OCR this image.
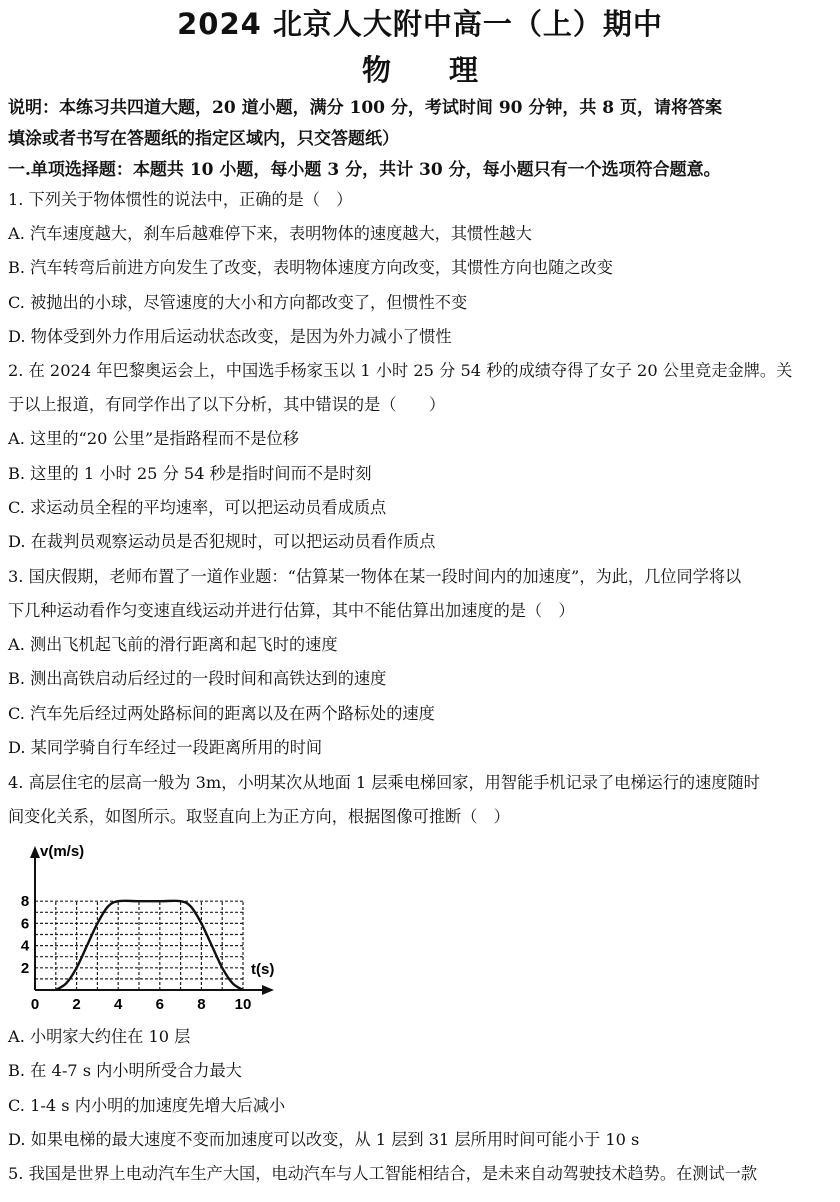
2024 北京人大附中高一（上）期中
物理
说明：本练习共四道大题，20 道小题，满分 100 分，考试时间 90 分钟，共 8 页，请将答案
填涂或者书写在答题纸的指定区域内，只交答题纸）
一.单项选择题：本题共 10 小题，每小题 3 分，共计 30 分，每小题只有一个选项符合题意。
1. 下列关于物体惯性的说法中，正确的是（　）
A. 汽车速度越大，刹车后越难停下来，表明物体的速度越大，其惯性越大
B. 汽车转弯后前进方向发生了改变，表明物体速度方向改变，其惯性方向也随之改变
C. 被抛出的小球，尽管速度的大小和方向都改变了，但惯性不变
D. 物体受到外力作用后运动状态改变，是因为外力减小了惯性
2. 在 2024 年巴黎奥运会上，中国选手杨家玉以 1 小时 25 分 54 秒的成绩夺得了女子 20 公里竞走金牌。关
于以上报道，有同学作出了以下分析，其中错误的是（　　）
A. 这里的“20 公里”是指路程而不是位移
B. 这里的 1 小时 25 分 54 秒是指时间而不是时刻
C. 求运动员全程的平均速率，可以把运动员看成质点
D. 在裁判员观察运动员是否犯规时，可以把运动员看作质点
3. 国庆假期，老师布置了一道作业题：“估算某一物体在某一段时间内的加速度”，为此，几位同学将以
下几种运动看作匀变速直线运动并进行估算，其中不能估算出加速度的是（　）
A. 测出飞机起飞前的滑行距离和起飞时的速度
B. 测出高铁启动后经过的一段时间和高铁达到的速度
C. 汽车先后经过两处路标间的距离以及在两个路标处的速度
D. 某同学骑自行车经过一段距离所用的时间
4. 高层住宅的层高一般为 3m，小明某次从地面 1 层乘电梯回家，用智能手机记录了电梯运行的速度随时
间变化关系，如图所示。取竖直向上为正方向，根据图像可推断（　）
0 2 4 6 8 10
2
4
6
8
v(m/s)
t(s)
A. 小明家大约住在 10 层
B. 在 4-7 s 内小明所受合力最大
C. 1-4 s 内小明的加速度先增大后减小
D. 如果电梯的最大速度不变而加速度可以改变，从 1 层到 31 层所用时间可能小于 10 s
5. 我国是世界上电动汽车生产大国，电动汽车与人工智能相结合，是未来自动驾驶技术趋势。在测试一款
